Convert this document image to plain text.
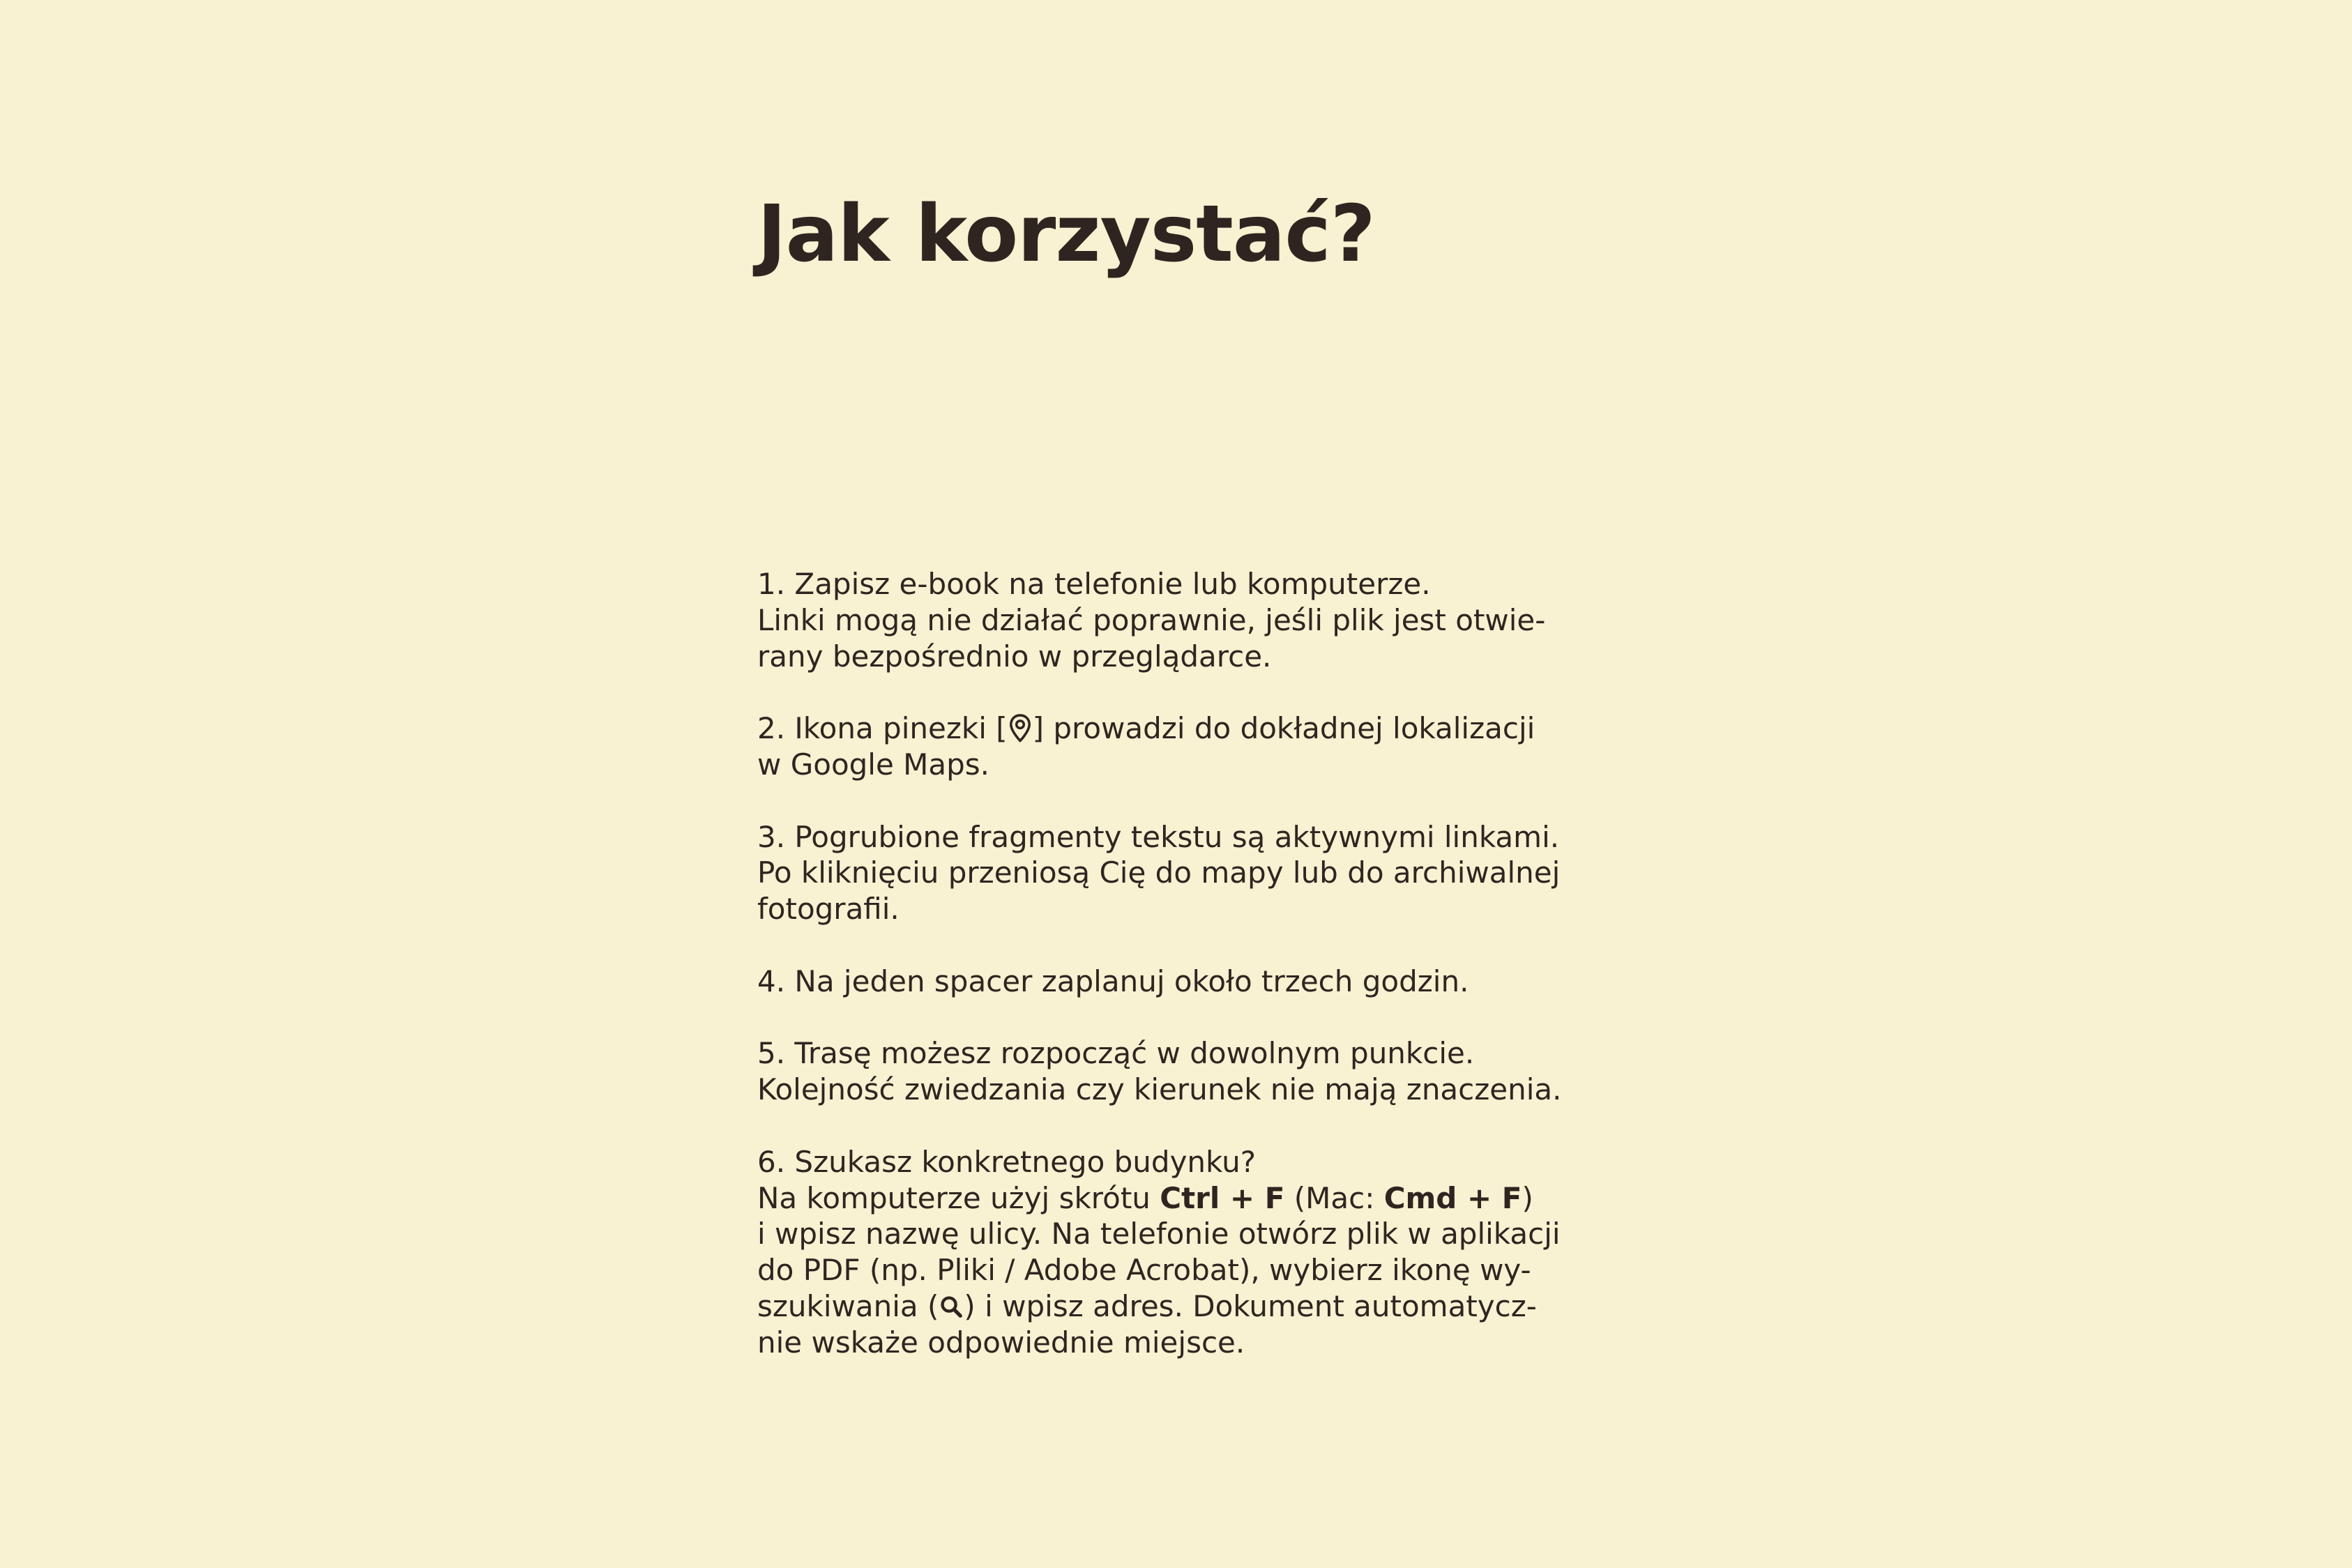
Jak korzystać?

1. Zapisz e-book na telefonie lub komputerze.
Linki mogą nie działać poprawnie, jeśli plik jest otwie-
rany bezpośrednio w przeglądarce.

2. Ikona pinezki [ ] prowadzi do dokładnej lokalizacji
w Google Maps.

3. Pogrubione fragmenty tekstu są aktywnymi linkami.
Po kliknięciu przeniosą Cię do mapy lub do archiwalnej
fotografii.

4. Na jeden spacer zaplanuj około trzech godzin.

5. Trasę możesz rozpocząć w dowolnym punkcie.
Kolejność zwiedzania czy kierunek nie mają znaczenia.

6. Szukasz konkretnego budynku?
Na komputerze użyj skrótu Ctrl + F (Mac: Cmd + F)
i wpisz nazwę ulicy. Na telefonie otwórz plik w aplikacji
do PDF (np. Pliki / Adobe Acrobat), wybierz ikonę wy-
szukiwania ( ) i wpisz adres. Dokument automatycz-
nie wskaże odpowiednie miejsce.
